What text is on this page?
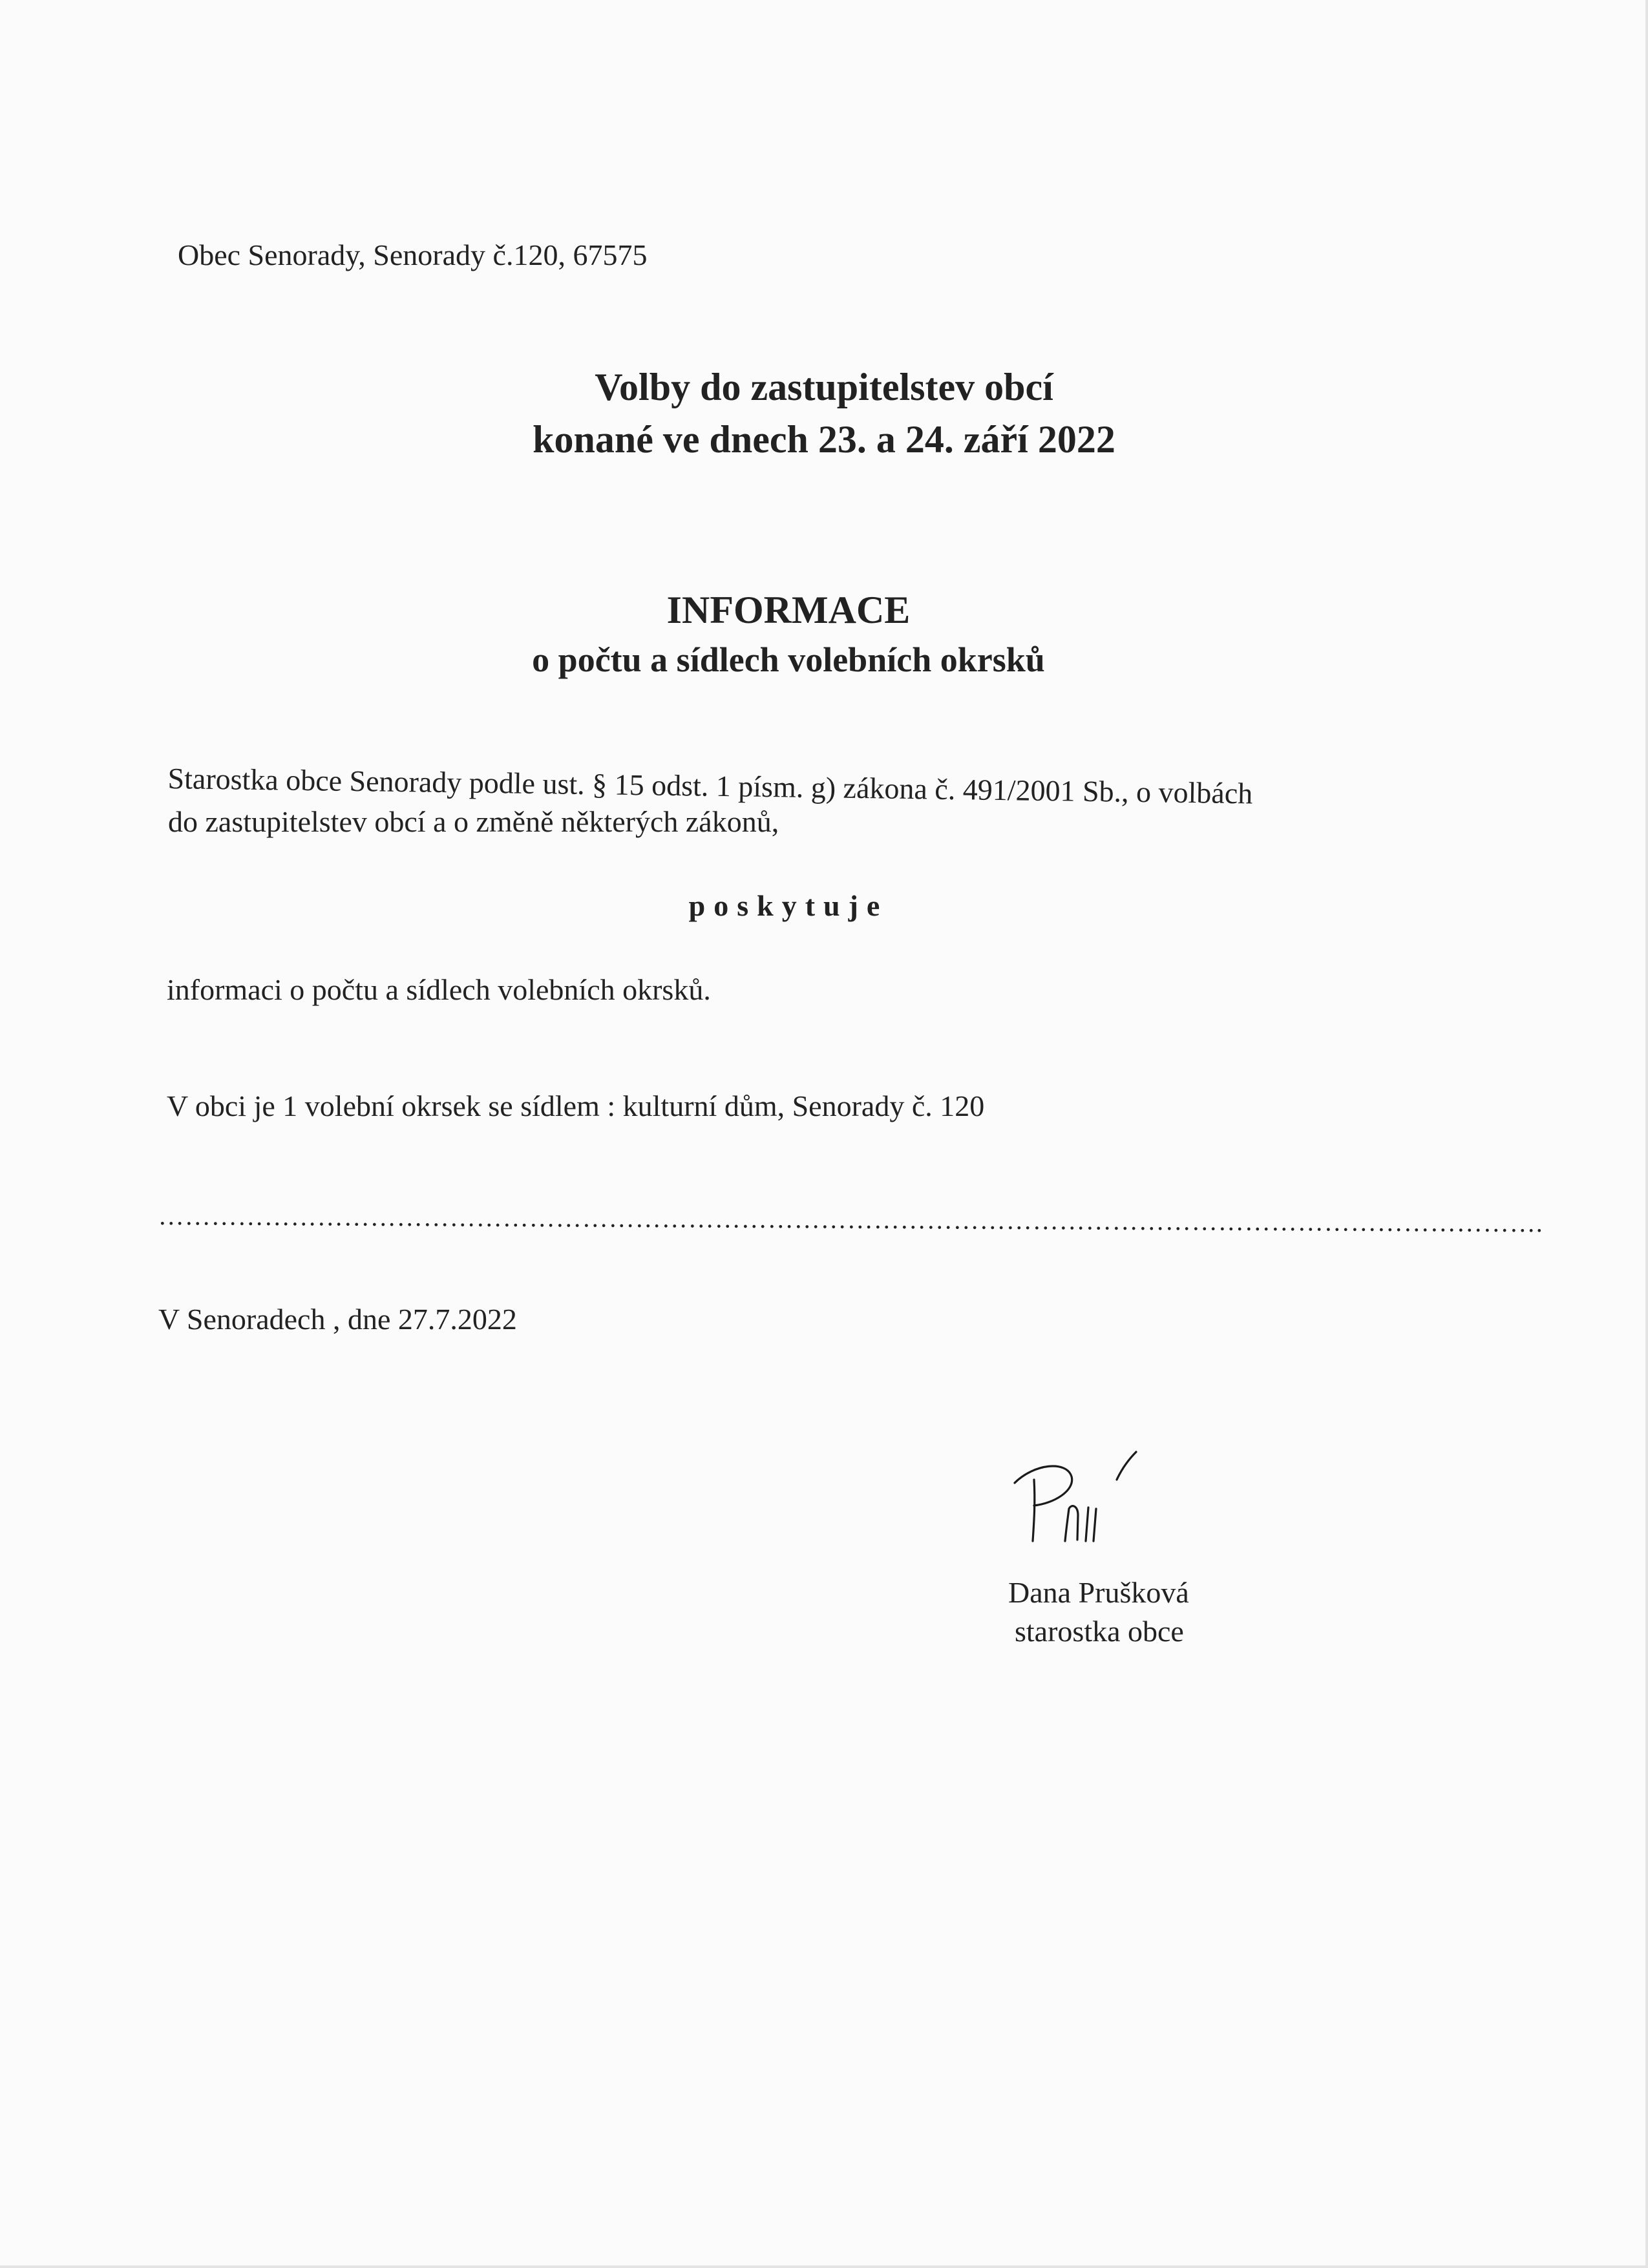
Obec Senorady, Senorady č.120, 67575
Volby do zastupitelstev obcí
konané ve dnech 23. a 24. září 2022
INFORMACE
o počtu a sídlech volebních okrsků
Starostka obce Senorady podle ust. § 15 odst. 1 písm. g) zákona č. 491/2001 Sb., o volbách
do zastupitelstev obcí a o změně některých zákonů,
poskytuje
informaci o počtu a sídlech volebních okrsků.
V obci je 1 volební okrsek se sídlem : kulturní dům, Senorady č. 120
………………………………………………………………………………………………………………………………………….
V Senoradech , dne 27.7.2022
Dana Prušková
starostka obce
